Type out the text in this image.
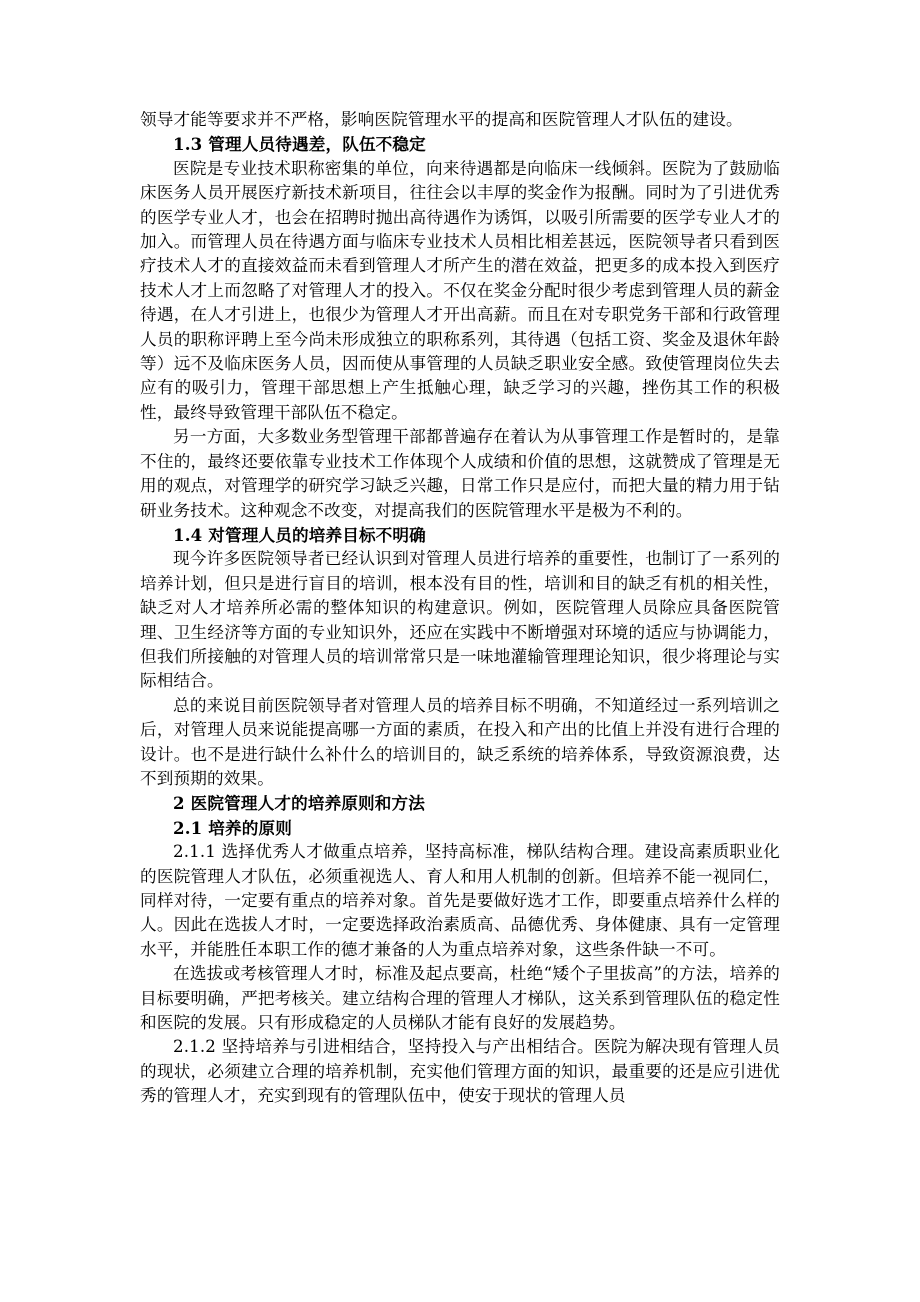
领导才能等要求并不严格，影响医院管理水平的提高和医院管理人才队伍的建设。

1.3 管理人员待遇差，队伍不稳定

医院是专业技术职称密集的单位，向来待遇都是向临床一线倾斜。医院为了鼓励临床医务人员开展医疗新技术新项目，往往会以丰厚的奖金作为报酬。同时为了引进优秀的医学专业人才，也会在招聘时抛出高待遇作为诱饵，以吸引所需要的医学专业人才的加入。而管理人员在待遇方面与临床专业技术人员相比相差甚远，医院领导者只看到医疗技术人才的直接效益而未看到管理人才所产生的潜在效益，把更多的成本投入到医疗技术人才上而忽略了对管理人才的投入。不仅在奖金分配时很少考虑到管理人员的薪金待遇，在人才引进上，也很少为管理人才开出高薪。而且在对专职党务干部和行政管理人员的职称评聘上至今尚未形成独立的职称系列，其待遇（包括工资、奖金及退休年龄等）远不及临床医务人员，因而使从事管理的人员缺乏职业安全感。致使管理岗位失去应有的吸引力，管理干部思想上产生抵触心理，缺乏学习的兴趣，挫伤其工作的积极性，最终导致管理干部队伍不稳定。

另一方面，大多数业务型管理干部都普遍存在着认为从事管理工作是暂时的，是靠不住的，最终还要依靠专业技术工作体现个人成绩和价值的思想，这就赞成了管理是无用的观点，对管理学的研究学习缺乏兴趣，日常工作只是应付，而把大量的精力用于钻研业务技术。这种观念不改变，对提高我们的医院管理水平是极为不利的。

1.4 对管理人员的培养目标不明确

现今许多医院领导者已经认识到对管理人员进行培养的重要性，也制订了一系列的培养计划，但只是进行盲目的培训，根本没有目的性，培训和目的缺乏有机的相关性，缺乏对人才培养所必需的整体知识的构建意识。例如，医院管理人员除应具备医院管理、卫生经济等方面的专业知识外，还应在实践中不断增强对环境的适应与协调能力，但我们所接触的对管理人员的培训常常只是一味地灌输管理理论知识，很少将理论与实际相结合。

总的来说目前医院领导者对管理人员的培养目标不明确，不知道经过一系列培训之后，对管理人员来说能提高哪一方面的素质，在投入和产出的比值上并没有进行合理的设计。也不是进行缺什么补什么的培训目的，缺乏系统的培养体系，导致资源浪费，达不到预期的效果。

2 医院管理人才的培养原则和方法

2.1 培养的原则

2.1.1 选择优秀人才做重点培养，坚持高标准，梯队结构合理。建设高素质职业化的医院管理人才队伍，必须重视选人、育人和用人机制的创新。但培养不能一视同仁，同样对待，一定要有重点的培养对象。首先是要做好选才工作，即要重点培养什么样的人。因此在选拔人才时，一定要选择政治素质高、品德优秀、身体健康、具有一定管理水平，并能胜任本职工作的德才兼备的人为重点培养对象，这些条件缺一不可。

在选拔或考核管理人才时，标准及起点要高，杜绝“矮个子里拔高”的方法，培养的目标要明确，严把考核关。建立结构合理的管理人才梯队，这关系到管理队伍的稳定性和医院的发展。只有形成稳定的人员梯队才能有良好的发展趋势。

2.1.2 坚持培养与引进相结合，坚持投入与产出相结合。医院为解决现有管理人员的现状，必须建立合理的培养机制，充实他们管理方面的知识，最重要的还是应引进优秀的管理人才，充实到现有的管理队伍中，使安于现状的管理人员
